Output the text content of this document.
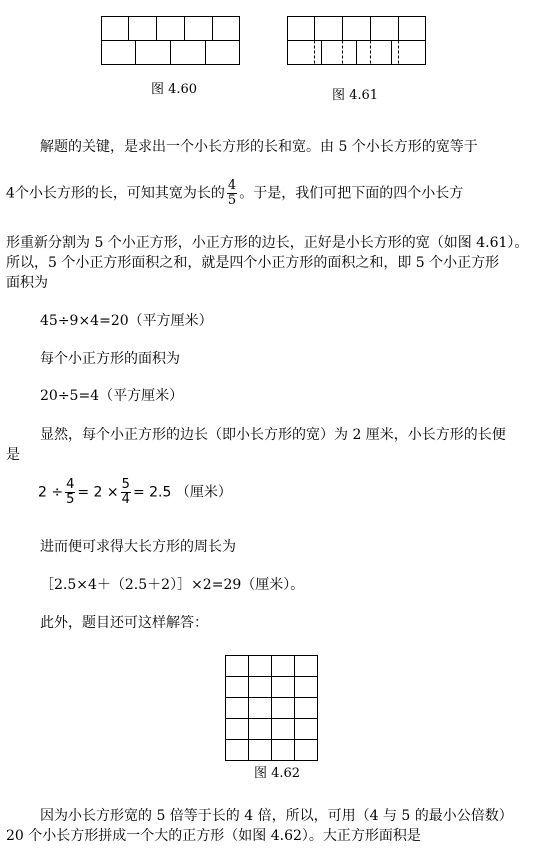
图 4.60	图 4.61
解题的关键，是求出一个小长方形的长和宽。由 5 个小长方形的宽等于
4个小长方形的长，可知其宽为长的 $\frac{4}{5}$ 。于是，我们可把下面的四个小长方
形重新分割为 5 个小正方形，小正方形的边长，正好是小长方形的宽（如图 4.61）。
所以，5 个小正方形面积之和，就是四个小正方形的面积之和，即 5 个小正方形
面积为
45÷9×4=20（平方厘米）
每个小正方形的面积为
20÷5=4（平方厘米）
显然，每个小正方形的边长（即小长方形的宽）为 2 厘米，小长方形的长便
是
$2 \div \frac{4}{5} = 2 \times \frac{5}{4} = 2.5$ （厘米）
进而便可求得大长方形的周长为
［2.5×4＋（2.5＋2）］×2=29（厘米）。
此外，题目还可这样解答：
图 4.62
因为小长方形宽的 5 倍等于长的 4 倍，所以，可用（4 与 5 的最小公倍数）
20 个小长方形拼成一个大的正方形（如图 4.62）。大正方形面积是
